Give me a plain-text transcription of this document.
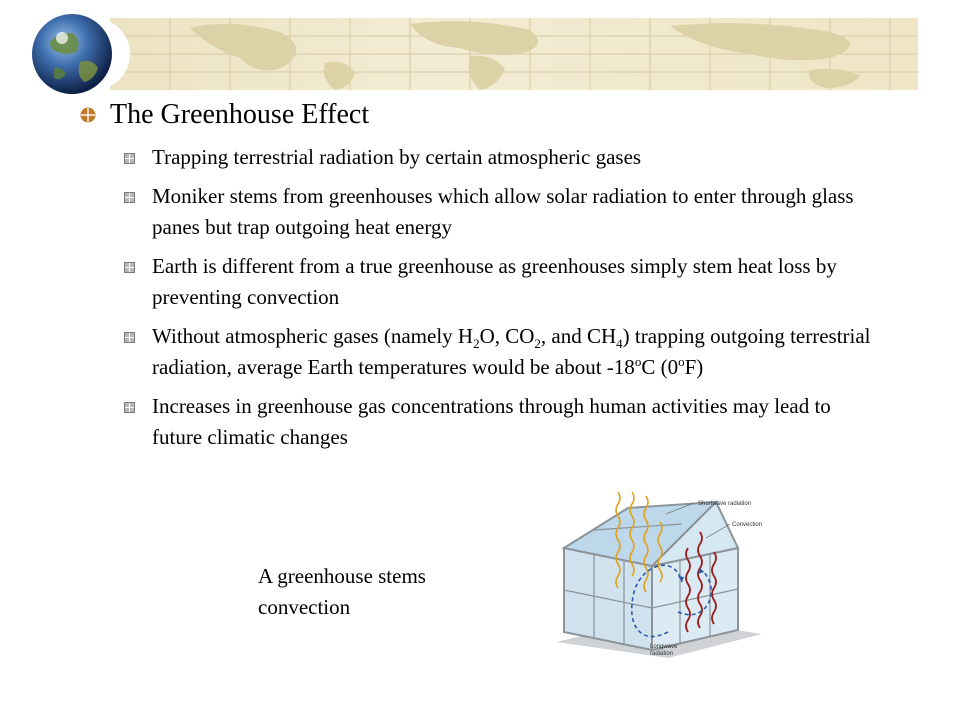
The Greenhouse Effect
Trapping terrestrial radiation by certain atmospheric gases
Moniker stems from greenhouses which allow solar radiation to enter through glass panes but trap outgoing heat energy
Earth is different from a true greenhouse as greenhouses simply stem heat loss by preventing convection
Without atmospheric gases (namely $H_2O$, $CO_2$, and $CH_4$) trapping outgoing terrestrial radiation, average Earth temperatures would be about -18$^o$C (0$^o$F)
Increases in greenhouse gas concentrations through human activities may lead to future climatic changes
A greenhouse stems convection
Shortwave radiation
Convection
Longwave
radiation
